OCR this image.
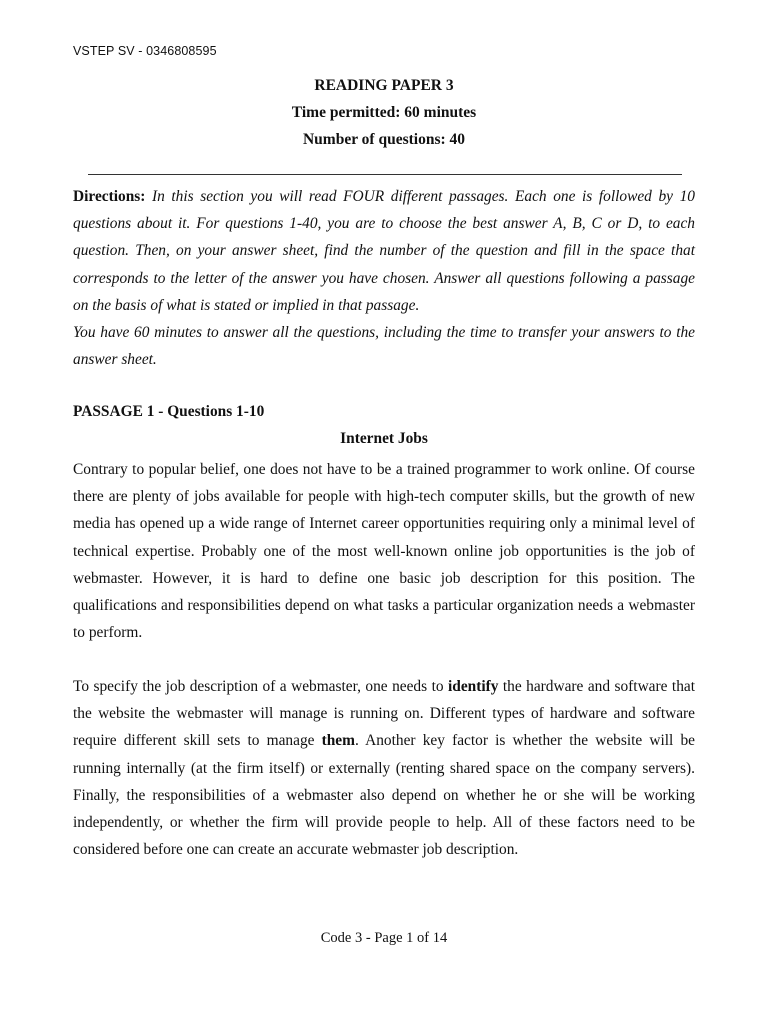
VSTEP SV - 0346808595
READING PAPER 3
Time permitted: 60 minutes
Number of questions: 40

Directions: In this section you will read FOUR different passages. Each one is followed by 10 questions about it. For questions 1-40, you are to choose the best answer A, B, C or D, to each question. Then, on your answer sheet, find the number of the question and fill in the space that corresponds to the letter of the answer you have chosen. Answer all questions following a passage on the basis of what is stated or implied in that passage.

You have 60 minutes to answer all the questions, including the time to transfer your answers to the answer sheet.

PASSAGE 1 - Questions 1-10
Internet Jobs

Contrary to popular belief, one does not have to be a trained programmer to work online. Of course there are plenty of jobs available for people with high-tech computer skills, but the growth of new media has opened up a wide range of Internet career opportunities requiring only a minimal level of technical expertise. Probably one of the most well-known online job opportunities is the job of webmaster. However, it is hard to define one basic job description for this position. The qualifications and responsibilities depend on what tasks a particular organization needs a webmaster to perform.

To specify the job description of a webmaster, one needs to identify the hardware and software that the website the webmaster will manage is running on. Different types of hardware and software require different skill sets to manage them. Another key factor is whether the website will be running internally (at the firm itself) or externally (renting shared space on the company servers). Finally, the responsibilities of a webmaster also depend on whether he or she will be working independently, or whether the firm will provide people to help. All of these factors need to be considered before one can create an accurate webmaster job description.

Code 3 - Page 1 of 14
